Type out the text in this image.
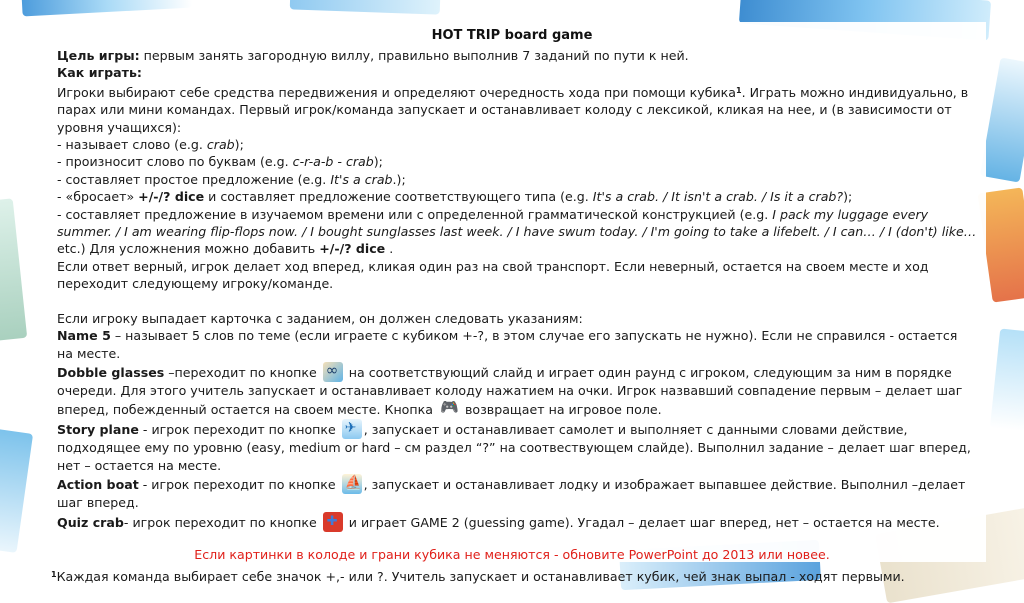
HOT TRIP board game

Цель игры: первым занять загородную виллу, правильно выполнив 7 заданий по пути к ней.

Как играть:

Игроки выбирают себе средства передвижения и определяют очередность хода при помощи кубика$^1$. Играть можно индивидуально, в парах или мини командах. Первый игрок/команда запускает и останавливает колоду с лексикой, кликая на нее, и (в зависимости от уровня учащихся):

- называет слово (e.g. crab);

- произносит слово по буквам (e.g. c-r-a-b - crab);

- составляет простое предложение (e.g. It's a crab.);

- «бросает» +/-/? dice и составляет предложение соответствующего типа (e.g. It's a crab. / It isn't a crab. / Is it a crab?);

- составляет предложение в изучаемом времени или с определенной грамматической конструкцией (e.g. I pack my luggage every summer. / I am wearing flip-flops now. / I bought sunglasses last week. / I have swum today. / I'm going to take a lifebelt. / I can… / I (don't) like… etc.) Для усложнения можно добавить +/-/? dice .

Если ответ верный, игрок делает ход вперед, кликая один раз на свой транспорт. Если неверный, остается на своем месте и ход переходит следующему игроку/команде.

Если игроку выпадает карточка с заданием, он должен следовать указаниям:

Name 5 – называет 5 слов по теме (если играете с кубиком +-?, в этом случае его запускать не нужно). Если не справился - остается на месте.

Dobble glasses –переходит по кнопке ∞ на соответствующий слайд и играет один раунд с игроком, следующим за ним в порядке очереди. Для этого учитель запускает и останавливает колоду нажатием на очки. Игрок назвавший совпадение первым – делает шаг вперед, побежденный остается на своем месте. Кнопка 🎮 возвращает на игровое поле.

Story plane - игрок переходит по кнопке ✈, запускает и останавливает самолет и выполняет с данными словами действие, подходящее ему по уровню (easy, medium or hard – см раздел “?” на соотвествующем слайде). Выполнил задание – делает шаг вперед, нет – остается на месте.

Action boat - игрок переходит по кнопке ⛵, запускает и останавливает лодку и изображает выпавшее действие. Выполнил –делает шаг вперед.

Quiz crab- игрок переходит по кнопке ✚ и играет GAME 2 (guessing game). Угадал – делает шаг вперед, нет – остается на месте.

$^1$Каждая команда выбирает себе значок +,- или ?. Учитель запускает и останавливает кубик, чей знак выпал - ходят первыми.

Если картинки в колоде и грани кубика не меняются - обновите PowerPoint до 2013 или новее.
